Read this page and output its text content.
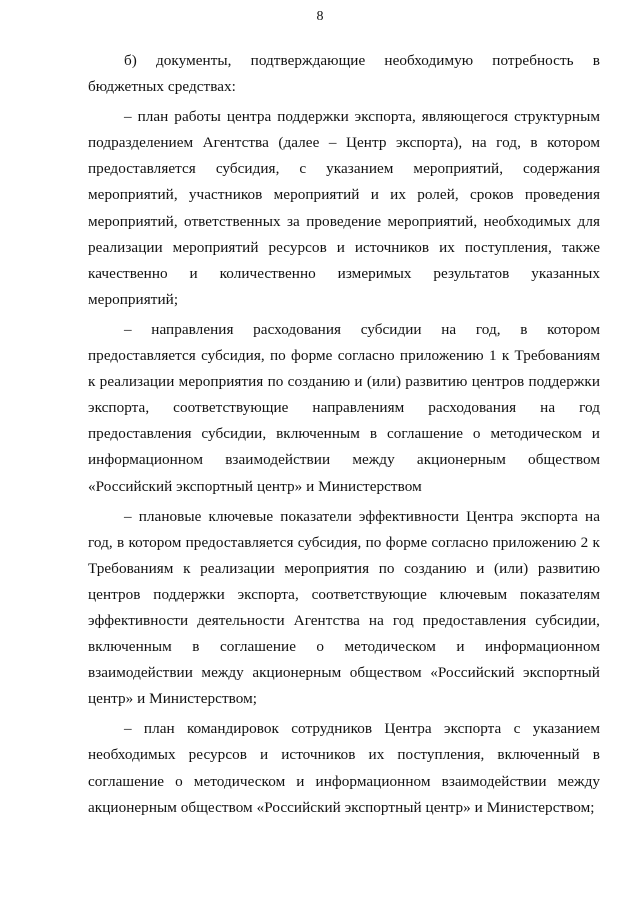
8

б) документы, подтверждающие необходимую потребность в бюджетных средствах:

– план работы центра поддержки экспорта, являющегося структурным подразделением Агентства (далее – Центр экспорта), на год, в котором предоставляется субсидия, с указанием мероприятий, содержания мероприятий, участников мероприятий и их ролей, сроков проведения мероприятий, ответственных за проведение мероприятий, необходимых для реализации мероприятий ресурсов и источников их поступления, также качественно и количественно измеримых результатов указанных мероприятий;

– направления расходования субсидии на год, в котором предоставляется субсидия, по форме согласно приложению 1 к Требованиям к реализации мероприятия по созданию и (или) развитию центров поддержки экспорта, соответствующие направлениям расходования на год предоставления субсидии, включенным в соглашение о методическом и информационном взаимодействии между акционерным обществом «Российский экспортный центр» и Министерством

– плановые ключевые показатели эффективности Центра экспорта на год, в котором предоставляется субсидия, по форме согласно приложению 2 к Требованиям к реализации мероприятия по созданию и (или) развитию центров поддержки экспорта, соответствующие ключевым показателям эффективности деятельности Агентства на год предоставления субсидии, включенным в соглашение о методическом и информационном взаимодействии между акционерным обществом «Российский экспортный центр» и Министерством;

– план командировок сотрудников Центра экспорта с указанием необходимых ресурсов и источников их поступления, включенный в соглашение о методическом и информационном взаимодействии между акционерным обществом «Российский экспортный центр» и Министерством;
